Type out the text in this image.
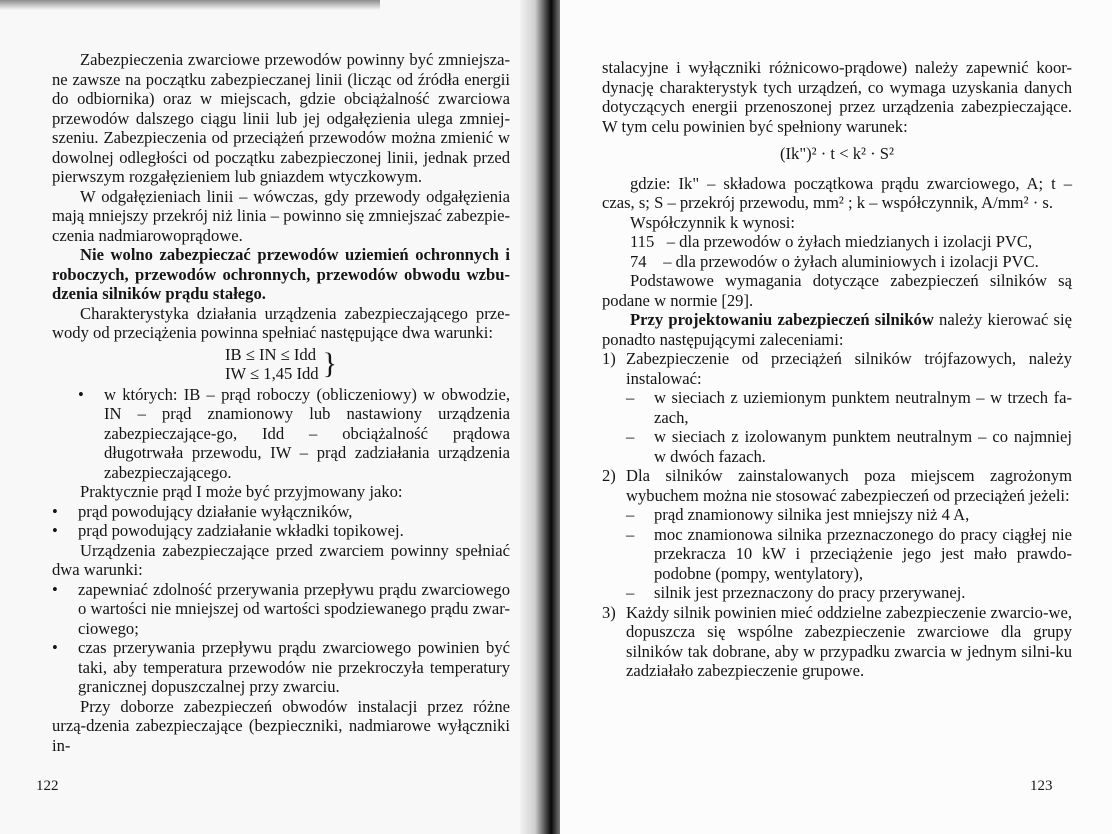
Zabezpieczenia zwarciowe przewodów powinny być zmniejsza-ne zawsze na początku zabezpieczanej linii (licząc od źródła energii do odbiornika) oraz w miejscach, gdzie obciążalność zwarciowa przewodów dalszego ciągu linii lub jej odgałęzienia ulega zmniej-szeniu. Zabezpieczenia od przeciążeń przewodów można zmienić w dowolnej odległości od początku zabezpieczonej linii, jednak przed pierwszym rozgałęzieniem lub gniazdem wtyczkowym.

W odgałęzieniach linii – wówczas, gdy przewody odgałęzienia mają mniejszy przekrój niż linia – powinno się zmniejszać zabezpie-czenia nadmiarowoprądowe.

Nie wolno zabezpieczać przewodów uziemień ochronnych i roboczych, przewodów ochronnych, przewodów obwodu wzbu-dzenia silników prądu stałego.

Charakterystyka działania urządzenia zabezpieczającego prze-wody od przeciążenia powinna spełniać następujące dwa warunki:

IB ≤ IN ≤ Idd
IW ≤ 1,45 Idd }

• w których: IB – prąd roboczy (obliczeniowy) w obwodzie, IN – prąd znamionowy lub nastawiony urządzenia zabezpieczające-go, Idd – obciążalność prądowa długotrwała przewodu, IW – prąd zadziałania urządzenia zabezpieczającego.

Praktycznie prąd I może być przyjmowany jako:

• prąd powodujący działanie wyłączników,

• prąd powodujący zadziałanie wkładki topikowej.

Urządzenia zabezpieczające przed zwarciem powinny spełniać dwa warunki:

• zapewniać zdolność przerywania przepływu prądu zwarciowego o wartości nie mniejszej od wartości spodziewanego prądu zwar-ciowego;

• czas przerywania przepływu prądu zwarciowego powinien być taki, aby temperatura przewodów nie przekroczyła temperatury granicznej dopuszczalnej przy zwarciu.

Przy doborze zabezpieczeń obwodów instalacji przez różne urzą-dzenia zabezpieczające (bezpieczniki, nadmiarowe wyłączniki in-

122

stalacyjne i wyłączniki różnicowo-prądowe) należy zapewnić koor-dynację charakterystyk tych urządzeń, co wymaga uzyskania danych dotyczących energii przenoszonej przez urządzenia zabezpieczające. W tym celu powinien być spełniony warunek:

(Ik")² · t < k² · S²

gdzie: Ik" – składowa początkowa prądu zwarciowego, A; t – czas, s; S – przekrój przewodu, mm² ; k – współczynnik, A/mm² · s.

Współczynnik k wynosi:

115   – dla przewodów o żyłach miedzianych i izolacji PVC,

74    – dla przewodów o żyłach aluminiowych i izolacji PVC.

Podstawowe wymagania dotyczące zabezpieczeń silników są podane w normie [29].

Przy projektowaniu zabezpieczeń silników należy kierować się ponadto następującymi zaleceniami:

1) Zabezpieczenie od przeciążeń silników trójfazowych, należy instalować:

– w sieciach z uziemionym punktem neutralnym – w trzech fa-zach,

– w sieciach z izolowanym punktem neutralnym – co najmniej w dwóch fazach.

2) Dla silników zainstalowanych poza miejscem zagrożonym wybuchem można nie stosować zabezpieczeń od przeciążeń jeżeli:

– prąd znamionowy silnika jest mniejszy niż 4 A,

– moc znamionowa silnika przeznaczonego do pracy ciągłej nie przekracza 10 kW i przeciążenie jego jest mało prawdo-podobne (pompy, wentylatory),

– silnik jest przeznaczony do pracy przerywanej.

3) Każdy silnik powinien mieć oddzielne zabezpieczenie zwarcio-we, dopuszcza się wspólne zabezpieczenie zwarciowe dla grupy silników tak dobrane, aby w przypadku zwarcia w jednym silni-ku zadziałało zabezpieczenie grupowe.

123
